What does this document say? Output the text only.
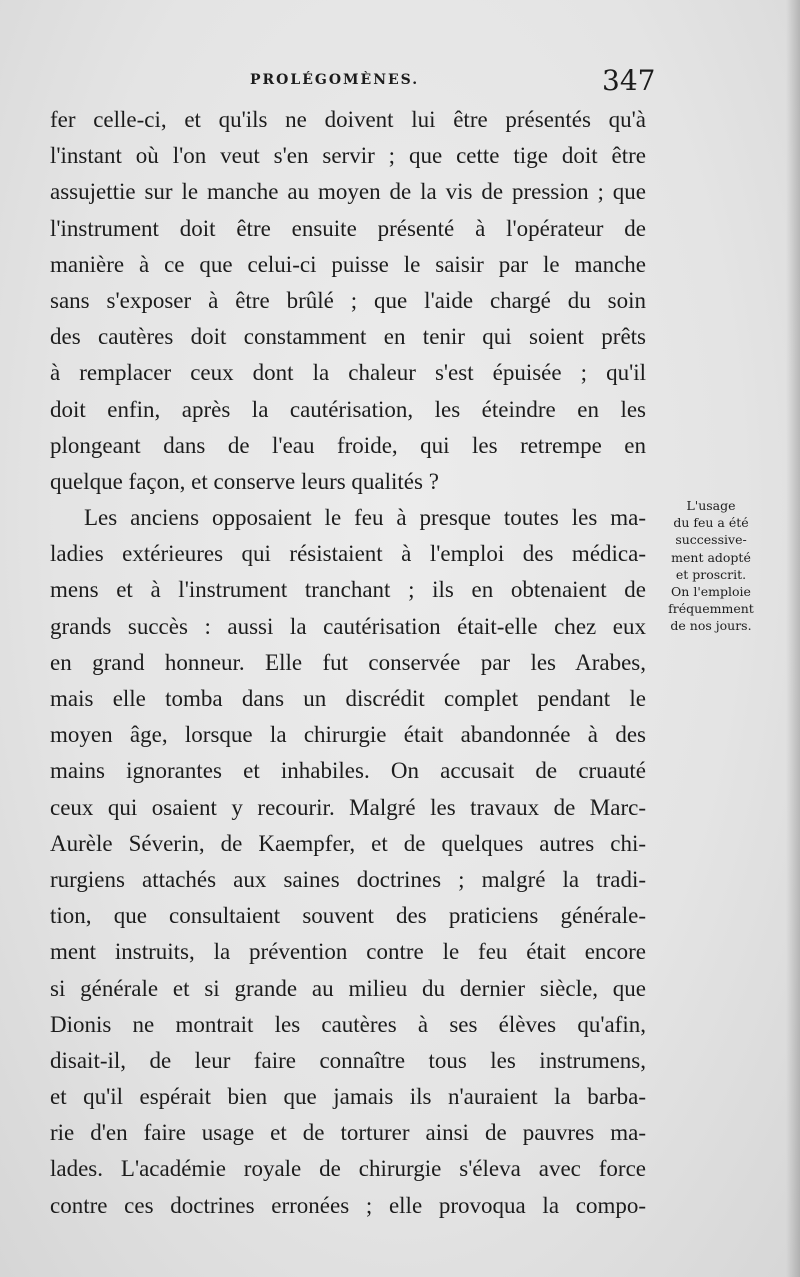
PROLÉGOMÈNES.	347
fer celle-ci, et qu'ils ne doivent lui être présentés qu'à
l'instant où l'on veut s'en servir ; que cette tige doit être
assujettie sur le manche au moyen de la vis de pression ; que
l'instrument doit être ensuite présenté à l'opérateur de
manière à ce que celui-ci puisse le saisir par le manche
sans s'exposer à être brûlé ; que l'aide chargé du soin
des cautères doit constamment en tenir qui soient prêts
à remplacer ceux dont la chaleur s'est épuisée ; qu'il
doit enfin, après la cautérisation, les éteindre en les
plongeant dans de l'eau froide, qui les retrempe en
quelque façon, et conserve leurs qualités ?
Les anciens opposaient le feu à presque toutes les ma-
ladies extérieures qui résistaient à l'emploi des médica-
mens et à l'instrument tranchant ; ils en obtenaient de
grands succès : aussi la cautérisation était-elle chez eux
en grand honneur. Elle fut conservée par les Arabes,
mais elle tomba dans un discrédit complet pendant le
moyen âge, lorsque la chirurgie était abandonnée à des
mains ignorantes et inhabiles. On accusait de cruauté
ceux qui osaient y recourir. Malgré les travaux de Marc-
Aurèle Séverin, de Kaempfer, et de quelques autres chi-
rurgiens attachés aux saines doctrines ; malgré la tradi-
tion, que consultaient souvent des praticiens générale-
ment instruits, la prévention contre le feu était encore
si générale et si grande au milieu du dernier siècle, que
Dionis ne montrait les cautères à ses élèves qu'afin,
disait-il, de leur faire connaître tous les instrumens,
et qu'il espérait bien que jamais ils n'auraient la barba-
rie d'en faire usage et de torturer ainsi de pauvres ma-
lades. L'académie royale de chirurgie s'éleva avec force
contre ces doctrines erronées ; elle provoqua la compo-
L'usage
du feu a été
successive-
ment adopté
et proscrit.
On l'emploie
fréquemment
de nos jours.
